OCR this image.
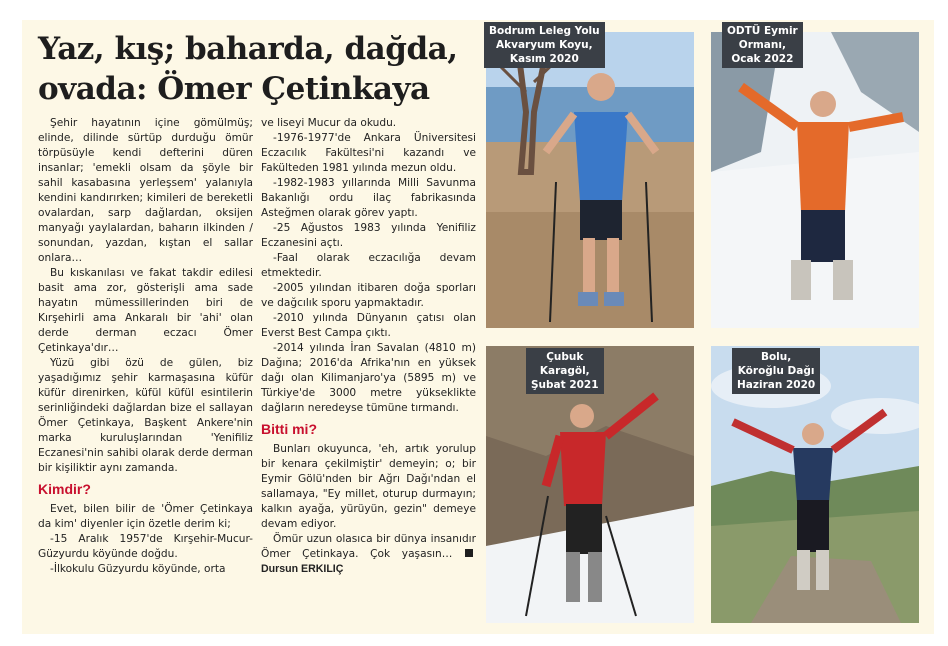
Yaz, kış; baharda, dağda, ovada: Ömer Çetinkaya

Şehir hayatının içine gömülmüş; elinde, dilinde sürtüp durduğu ömür törpüsüyle kendi defterini düren insanlar; 'emekli olsam da şöyle bir sahil kasabasına yerleşsem' yalanıyla kendini kandırırken; kimileri de bereketli ovalardan, sarp dağlardan, oksijen manyağı yaylalardan, baharın ilkinden / sonundan, yazdan, kıştan el sallar onlara…

Bu kıskanılası ve fakat takdir edilesi basit ama zor, gösterişli ama sade hayatın mümessillerinden biri de Kırşehirli ama Ankaralı bir 'ahi' olan derde derman eczacı Ömer Çetinkaya'dır…

Yüzü gibi özü de gülen, biz yaşadığımız şehir karmaşasına küfür küfür direnirken, küfül küfül esintilerin serinliğindeki dağlardan bize el sallayan Ömer Çetinkaya, Başkent Ankere'nin marka kuruluşlarından 'Yenifiliz Eczanesi'nin sahibi olarak derde derman bir kişiliktir aynı zamanda.

Kimdir?

Evet, bilen bilir de 'Ömer Çetinkaya da kim' diyenler için özetle derim ki;

-15 Aralık 1957'de Kırşehir-Mucur-Güzyurdu köyünde doğdu.

-İlkokulu Güzyurdu köyünde, orta

ve liseyi Mucur da okudu.

-1976-1977'de Ankara Üniversitesi Eczacılık Fakültesi'ni kazandı ve Fakülteden 1981 yılında mezun oldu.

-1982-1983 yıllarında Milli Savunma Bakanlığı ordu ilaç fabrikasında Asteğmen olarak görev yaptı.

-25 Ağustos 1983 yılında Yenifiliz Eczanesini açtı.

-Faal olarak eczacılığa devam etmektedir.

-2005 yılından itibaren doğa sporları ve dağcılık sporu yapmaktadır.

-2010 yılında Dünyanın çatısı olan Everst Best Campa çıktı.

-2014 yılında İran Savalan (4810 m) Dağına; 2016'da Afrika'nın en yüksek dağı olan Kilimanjaro'ya (5895 m) ve Türkiye'de 3000 metre yükseklikte dağların neredeyse tümüne tırmandı.

Bitti mi?

Bunları okuyunca, 'eh, artık yorulup bir kenara çekilmiştir' demeyin; o; bir Eymir Gölü'nden bir Ağrı Dağı'ndan el sallamaya, "Ey millet, oturup durmayın; kalkın ayağa, yürüyün, gezin" demeye devam ediyor.

Ömür uzun olasıca bir dünya insanıdır Ömer Çetinkaya. Çok yaşasın… Dursun ERKILIÇ

Bodrum Leleg Yolu
Akvaryum Koyu,
Kasım 2020
ODTÜ Eymir
Ormanı,
Ocak 2022
Çubuk
Karagöl,
Şubat 2021
Bolu,
Köroğlu Dağı
Haziran 2020
